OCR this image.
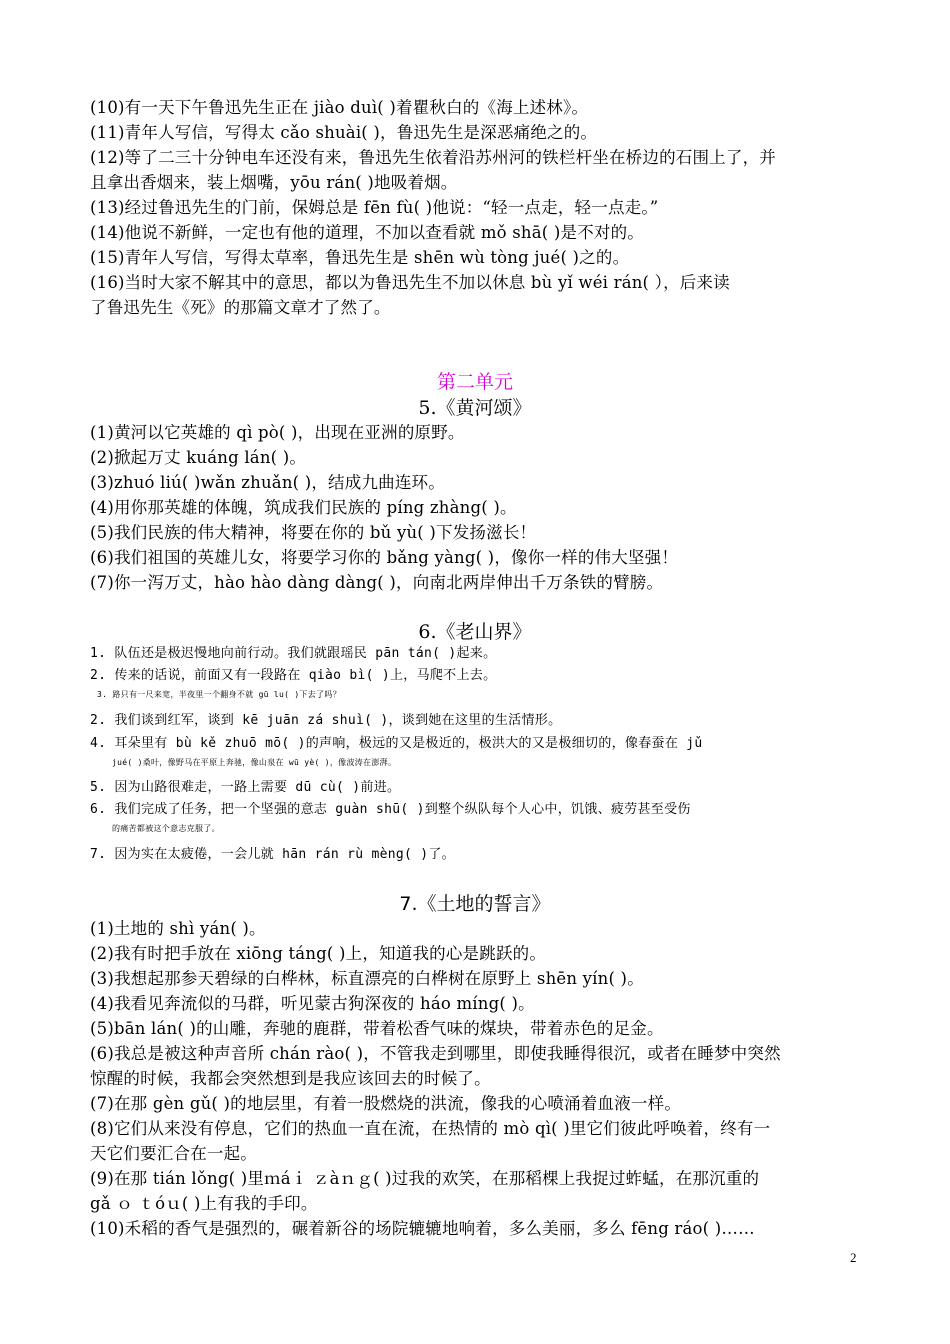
(10)有一天下午鲁迅先生正在 jiào duì( )着瞿秋白的《海上述林》。
(11)青年人写信，写得太 cǎo shuài( )，鲁迅先生是深恶痛绝之的。
(12)等了二三十分钟电车还没有来，鲁迅先生依着沿苏州河的铁栏杆坐在桥边的石围上了，并
且拿出香烟来，装上烟嘴，yōu rán( )地吸着烟。
(13)经过鲁迅先生的门前，保姆总是 fēn fù( )他说：“轻一点走，轻一点走。”
(14)他说不新鲜，一定也有他的道理，不加以查看就 mǒ shā( )是不对的。
(15)青年人写信，写得太草率，鲁迅先生是 shēn wù tòng jué( )之的。
(16)当时大家不解其中的意思，都以为鲁迅先生不加以休息 bù yǐ wéi rán( ），后来读
了鲁迅先生《死》的那篇文章才了然了。
第二单元
5.《黄河颂》
(1)黄河以它英雄的 qì pò( )，出现在亚洲的原野。
(2)掀起万丈 kuáng lán( )。
(3)zhuó liú( )wǎn zhuǎn( )，结成九曲连环。
(4)用你那英雄的体魄，筑成我们民族的 píng zhàng( )。
(5)我们民族的伟大精神，将要在你的 bǔ yù( )下发扬滋长！
(6)我们祖国的英雄儿女，将要学习你的 bǎng yàng( )，像你一样的伟大坚强！
(7)你一泻万丈，hào hào dàng dàng( )，向南北两岸伸出千万条铁的臂膀。
6.《老山界》
1. 队伍还是极迟慢地向前行动。我们就跟瑶民 pān tán( )起来。
2. 传来的话说，前面又有一段路在 qiào bì( )上，马爬不上去。
3. 路只有一尺来宽，半夜里一个翻身不就 gū lu( )下去了吗？
2. 我们谈到红军，谈到 kē juān zá shuì( )，谈到她在这里的生活情形。
4. 耳朵里有 bù kě zhuō mō( )的声响，极远的又是极近的，极洪大的又是极细切的，像春蚕在 jǔ
jué( )桑叶，像野马在平原上奔驰，像山泉在 wū yè( )，像波涛在澎湃。
5. 因为山路很难走，一路上需要 dū cù( )前进。
6. 我们完成了任务，把一个坚强的意志 guàn shū( )到整个纵队每个人心中，饥饿、疲劳甚至受伤
的痛苦都被这个意志克服了。
7. 因为实在太疲倦，一会儿就 hān rán rù mèng( )了。
7.《土地的誓言》
(1)土地的 shì yán( )。
(2)我有时把手放在 xiōng táng( )上，知道我的心是跳跃的。
(3)我想起那参天碧绿的白桦林，标直漂亮的白桦树在原野上 shēn yín( )。
(4)我看见奔流似的马群，听见蒙古狗深夜的 háo míng( )。
(5)bān lán( )的山雕，奔驰的鹿群，带着松香气味的煤块，带着赤色的足金。
(6)我总是被这种声音所 chán rào( )，不管我走到哪里，即使我睡得很沉，或者在睡梦中突然
惊醒的时候，我都会突然想到是我应该回去的时候了。
(7)在那 gèn gǔ( )的地层里，有着一股燃烧的洪流，像我的心喷涌着血液一样。
(8)它们从来没有停息，它们的热血一直在流，在热情的 mò qì( )里它们彼此呼唤着，终有一
天它们要汇合在一起。
(9)在那 tián lǒng( )里ｍáｉ ｚàｎｇ( )过我的欢笑，在那稻棵上我捉过蚱蜢，在那沉重的
gǎ ｏ ｔóｕ( )上有我的手印。
(10)禾稻的香气是强烈的，碾着新谷的场院辘辘地响着，多么美丽，多么 fēng ráo( )……
2
